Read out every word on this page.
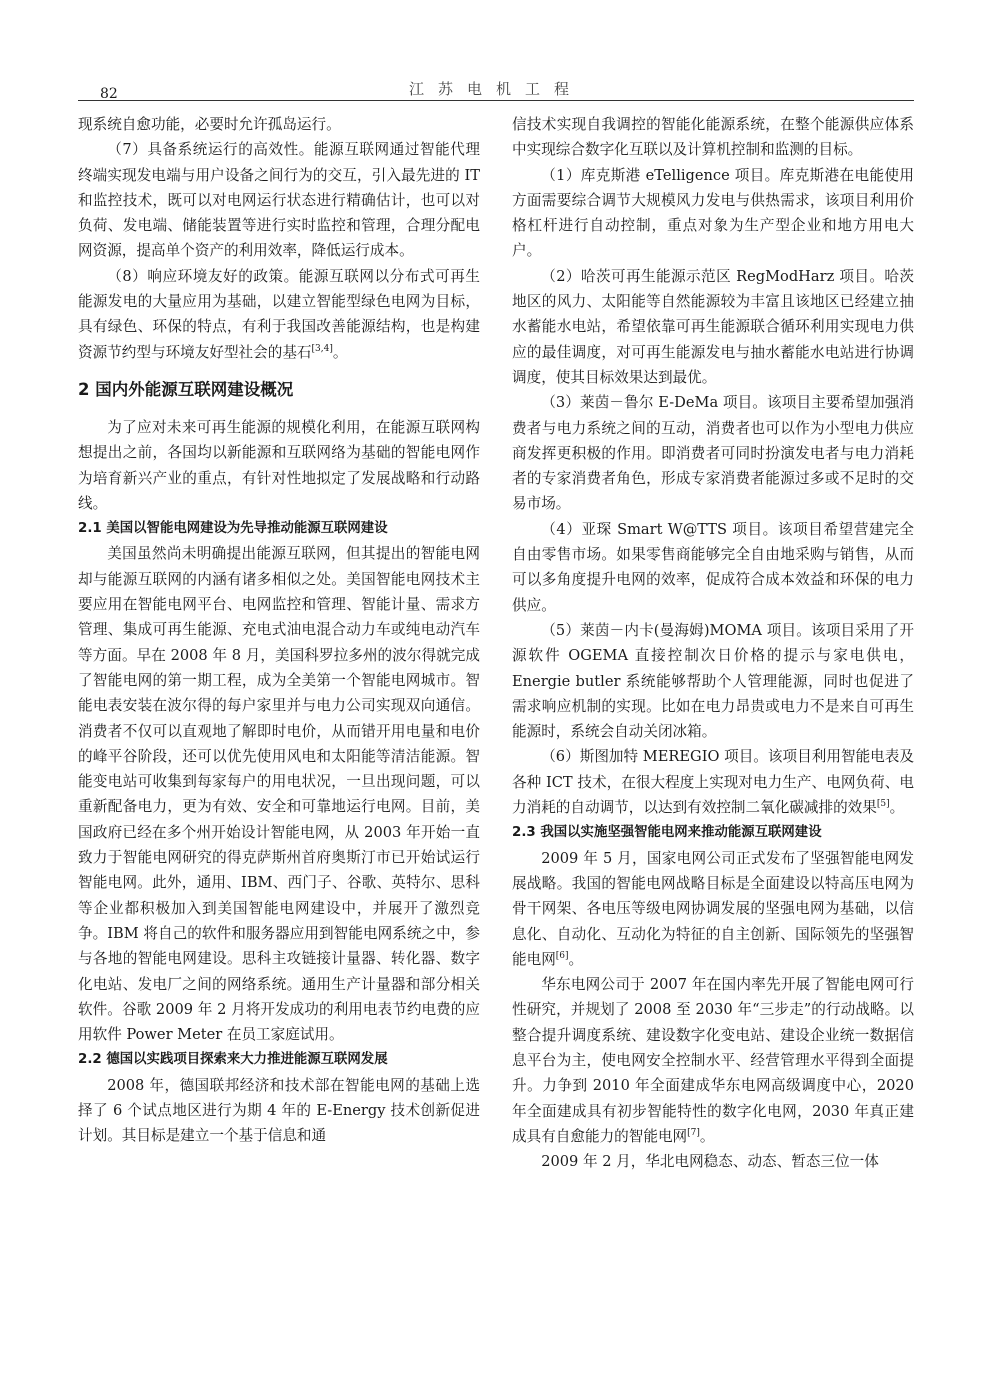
82	江苏电机工程

现系统自愈功能，必要时允许孤岛运行。

（7）具备系统运行的高效性。能源互联网通过智能代理终端实现发电端与用户设备之间行为的交互，引入最先进的 IT 和监控技术，既可以对电网运行状态进行精确估计，也可以对负荷、发电端、储能装置等进行实时监控和管理，合理分配电网资源，提高单个资产的利用效率，降低运行成本。

（8）响应环境友好的政策。能源互联网以分布式可再生能源发电的大量应用为基础，以建立智能型绿色电网为目标，具有绿色、环保的特点，有利于我国改善能源结构，也是构建资源节约型与环境友好型社会的基石[3,4]。

2 国内外能源互联网建设概况

为了应对未来可再生能源的规模化利用，在能源互联网构想提出之前，各国均以新能源和互联网络为基础的智能电网作为培育新兴产业的重点，有针对性地拟定了发展战略和行动路线。

2.1 美国以智能电网建设为先导推动能源互联网建设

美国虽然尚未明确提出能源互联网，但其提出的智能电网却与能源互联网的内涵有诸多相似之处。美国智能电网技术主要应用在智能电网平台、电网监控和管理、智能计量、需求方管理、集成可再生能源、充电式油电混合动力车或纯电动汽车等方面。早在 2008 年 8 月，美国科罗拉多州的波尔得就完成了智能电网的第一期工程，成为全美第一个智能电网城市。智能电表安装在波尔得的每户家里并与电力公司实现双向通信。消费者不仅可以直观地了解即时电价，从而错开用电量和电价的峰平谷阶段，还可以优先使用风电和太阳能等清洁能源。智能变电站可收集到每家每户的用电状况，一旦出现问题，可以重新配备电力，更为有效、安全和可靠地运行电网。目前，美国政府已经在多个州开始设计智能电网，从 2003 年开始一直致力于智能电网研究的得克萨斯州首府奥斯汀市已开始试运行智能电网。此外，通用、IBM、西门子、谷歌、英特尔、思科等企业都积极加入到美国智能电网建设中，并展开了激烈竞争。IBM 将自己的软件和服务器应用到智能电网系统之中，参与各地的智能电网建设。思科主攻链接计量器、转化器、数字化电站、发电厂之间的网络系统。通用生产计量器和部分相关软件。谷歌 2009 年 2 月将开发成功的利用电表节约电费的应用软件 Power Meter 在员工家庭试用。

2.2 德国以实践项目探索来大力推进能源互联网发展

2008 年，德国联邦经济和技术部在智能电网的基础上选择了 6 个试点地区进行为期 4 年的 E-Energy 技术创新促进计划。其目标是建立一个基于信息和通

信技术实现自我调控的智能化能源系统，在整个能源供应体系中实现综合数字化互联以及计算机控制和监测的目标。

（1）库克斯港 eTelligence 项目。库克斯港在电能使用方面需要综合调节大规模风力发电与供热需求，该项目利用价格杠杆进行自动控制，重点对象为生产型企业和地方用电大户。

（2）哈茨可再生能源示范区 RegModHarz 项目。哈茨地区的风力、太阳能等自然能源较为丰富且该地区已经建立抽水蓄能水电站，希望依靠可再生能源联合循环利用实现电力供应的最佳调度，对可再生能源发电与抽水蓄能水电站进行协调调度，使其目标效果达到最优。

（3）莱茵－鲁尔 E-DeMa 项目。该项目主要希望加强消费者与电力系统之间的互动，消费者也可以作为小型电力供应商发挥更积极的作用。即消费者可同时扮演发电者与电力消耗者的专家消费者角色，形成专家消费者能源过多或不足时的交易市场。

（4）亚琛 Smart W@TTS 项目。该项目希望营建完全自由零售市场。如果零售商能够完全自由地采购与销售，从而可以多角度提升电网的效率，促成符合成本效益和环保的电力供应。

（5）莱茵－内卡(曼海姆)MOMA 项目。该项目采用了开源软件 OGEMA 直接控制次日价格的提示与家电供电，Energie butler 系统能够帮助个人管理能源，同时也促进了需求响应机制的实现。比如在电力昂贵或电力不是来自可再生能源时，系统会自动关闭冰箱。

（6）斯图加特 MEREGIO 项目。该项目利用智能电表及各种 ICT 技术，在很大程度上实现对电力生产、电网负荷、电力消耗的自动调节，以达到有效控制二氧化碳减排的效果[5]。

2.3 我国以实施坚强智能电网来推动能源互联网建设

2009 年 5 月，国家电网公司正式发布了坚强智能电网发展战略。我国的智能电网战略目标是全面建设以特高压电网为骨干网架、各电压等级电网协调发展的坚强电网为基础，以信息化、自动化、互动化为特征的自主创新、国际领先的坚强智能电网[6]。

华东电网公司于 2007 年在国内率先开展了智能电网可行性研究，并规划了 2008 至 2030 年“三步走”的行动战略。以整合提升调度系统、建设数字化变电站、建设企业统一数据信息平台为主，使电网安全控制水平、经营管理水平得到全面提升。力争到 2010 年全面建成华东电网高级调度中心，2020 年全面建成具有初步智能特性的数字化电网，2030 年真正建成具有自愈能力的智能电网[7]。

2009 年 2 月，华北电网稳态、动态、暂态三位一体
